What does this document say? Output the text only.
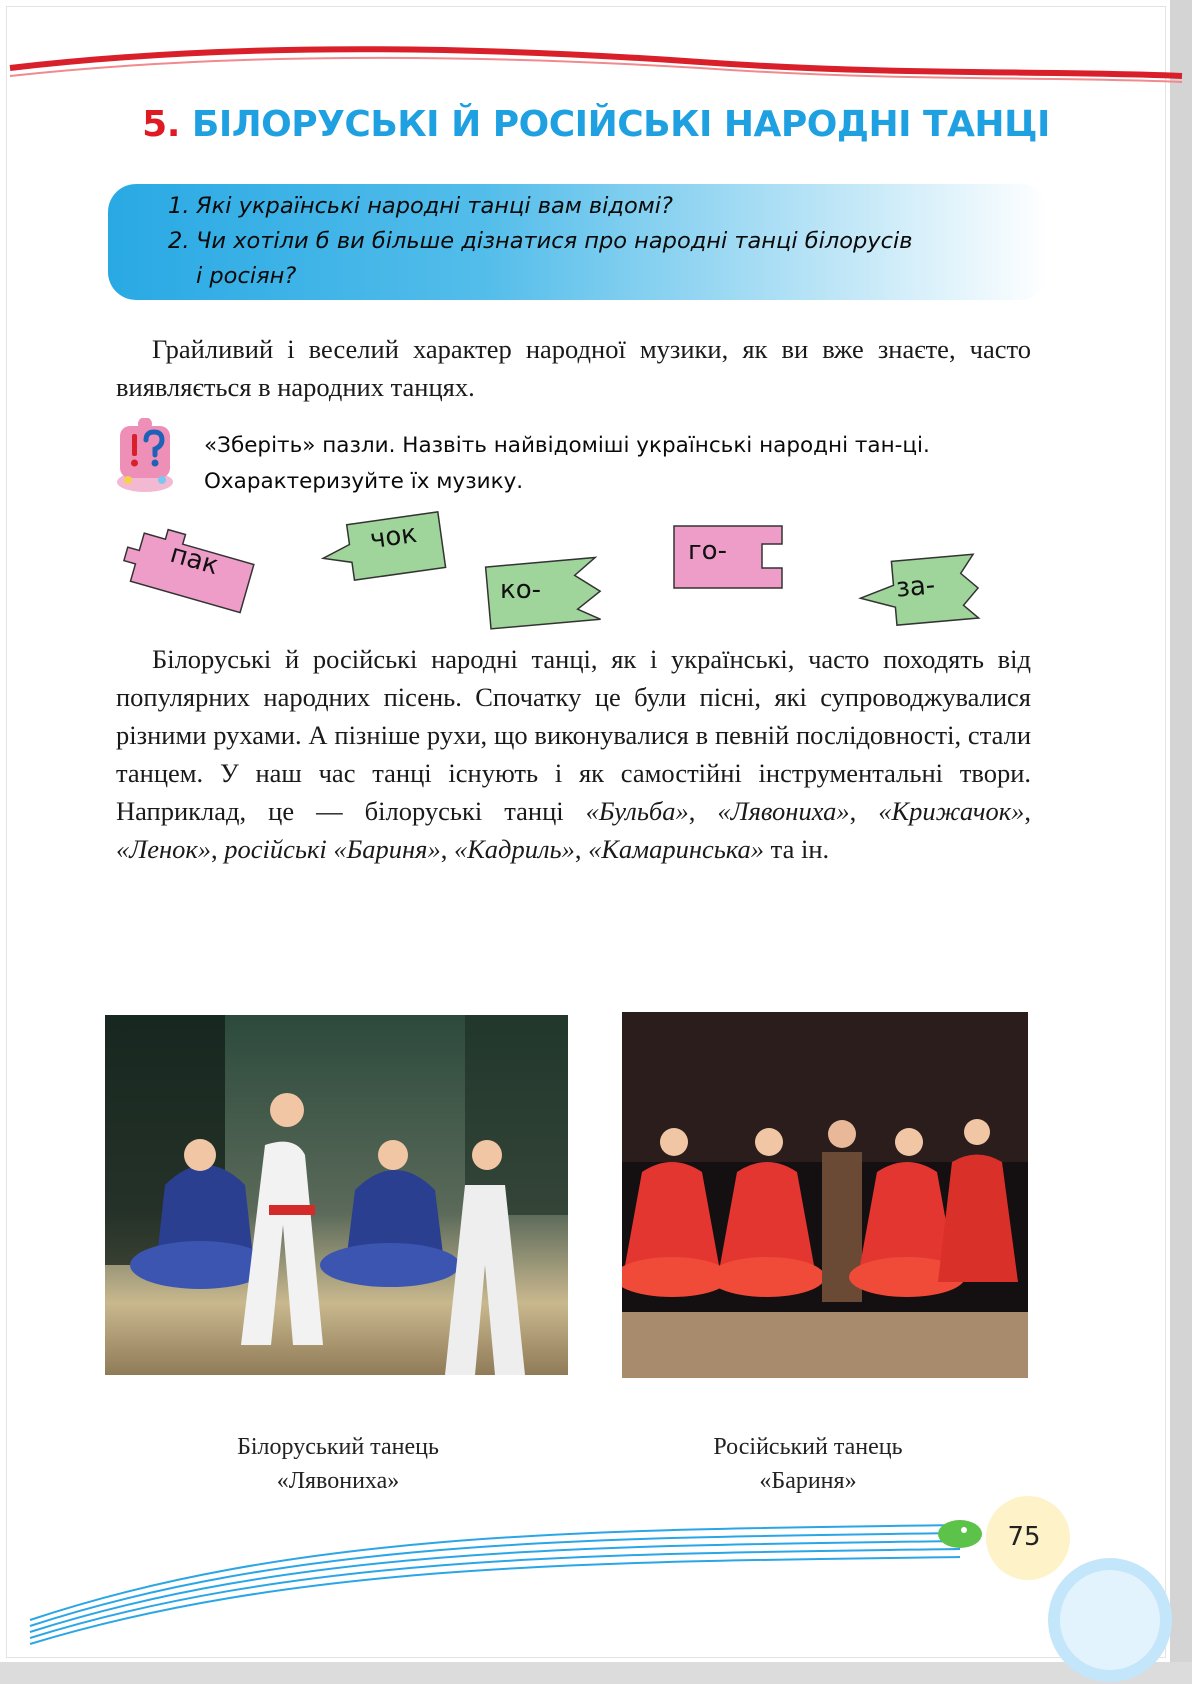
5. БІЛОРУСЬКІ Й РОСІЙСЬКІ НАРОДНІ ТАНЦІ
1. Які українські народні танці вам відомі?
2. Чи хотіли б ви більше дізнатися про народні танці білорусів
і росіян?
Грайливий і веселий характер народної музики, як ви вже знаєте, часто виявляється в народних танцях.
«Зберіть» пазли. Назвіть найвідоміші українські народні тан-ці. Охарактеризуйте їх музику.
пак
чок
ко-
го-
за-
Білоруські й російські народні танці, як і українські, часто походять від популярних народних пісень. Спочатку це були пісні, які супроводжувалися різними рухами. А пізніше рухи, що виконувалися в певній послідовності, стали танцем. У наш час танці існують і як самостійні інструментальні твори. Наприклад, це — білоруські танці «Бульба», «Лявониха», «Крижачок», «Ленок», російські «Бариня», «Кадриль», «Камаринська» та ін.
Білоруський танець
«Лявониха»
Російський танець
«Бариня»
75
